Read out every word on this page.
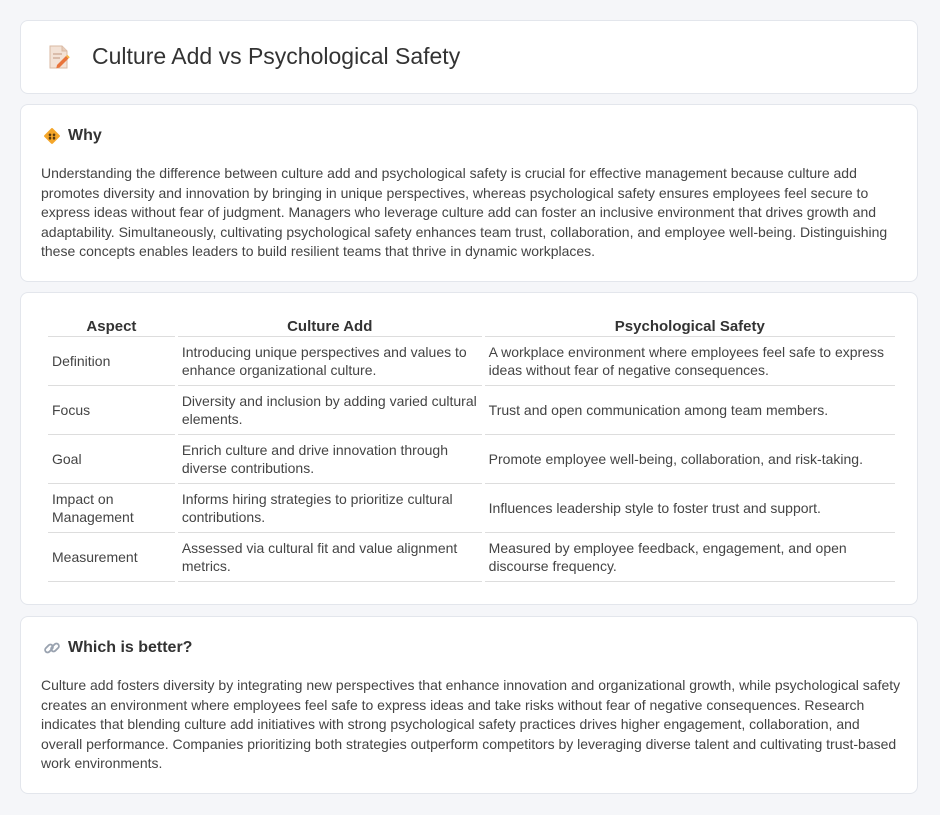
Culture Add vs Psychological Safety
Why

Understanding the difference between culture add and psychological safety is crucial for effective management because culture add promotes diversity and innovation by bringing in unique perspectives, whereas psychological safety ensures employees feel secure to express ideas without fear of judgment. Managers who leverage culture add can foster an inclusive environment that drives growth and adaptability. Simultaneously, cultivating psychological safety enhances team trust, collaboration, and employee well-being. Distinguishing these concepts enables leaders to build resilient teams that thrive in dynamic workplaces.

Aspect	Culture Add	Psychological Safety
Definition	Introducing unique perspectives and values to enhance organizational culture.	A workplace environment where employees feel safe to express ideas without fear of negative consequences.
Focus	Diversity and inclusion by adding varied cultural elements.	Trust and open communication among team members.
Goal	Enrich culture and drive innovation through diverse contributions.	Promote employee well-being, collaboration, and risk-taking.
Impact on Management	Informs hiring strategies to prioritize cultural contributions.	Influences leadership style to foster trust and support.
Measurement	Assessed via cultural fit and value alignment metrics.	Measured by employee feedback, engagement, and open discourse frequency.
Which is better?

Culture add fosters diversity by integrating new perspectives that enhance innovation and organizational growth, while psychological safety creates an environment where employees feel safe to express ideas and take risks without fear of negative consequences. Research indicates that blending culture add initiatives with strong psychological safety practices drives higher engagement, collaboration, and overall performance. Companies prioritizing both strategies outperform competitors by leveraging diverse talent and cultivating trust-based work environments.
